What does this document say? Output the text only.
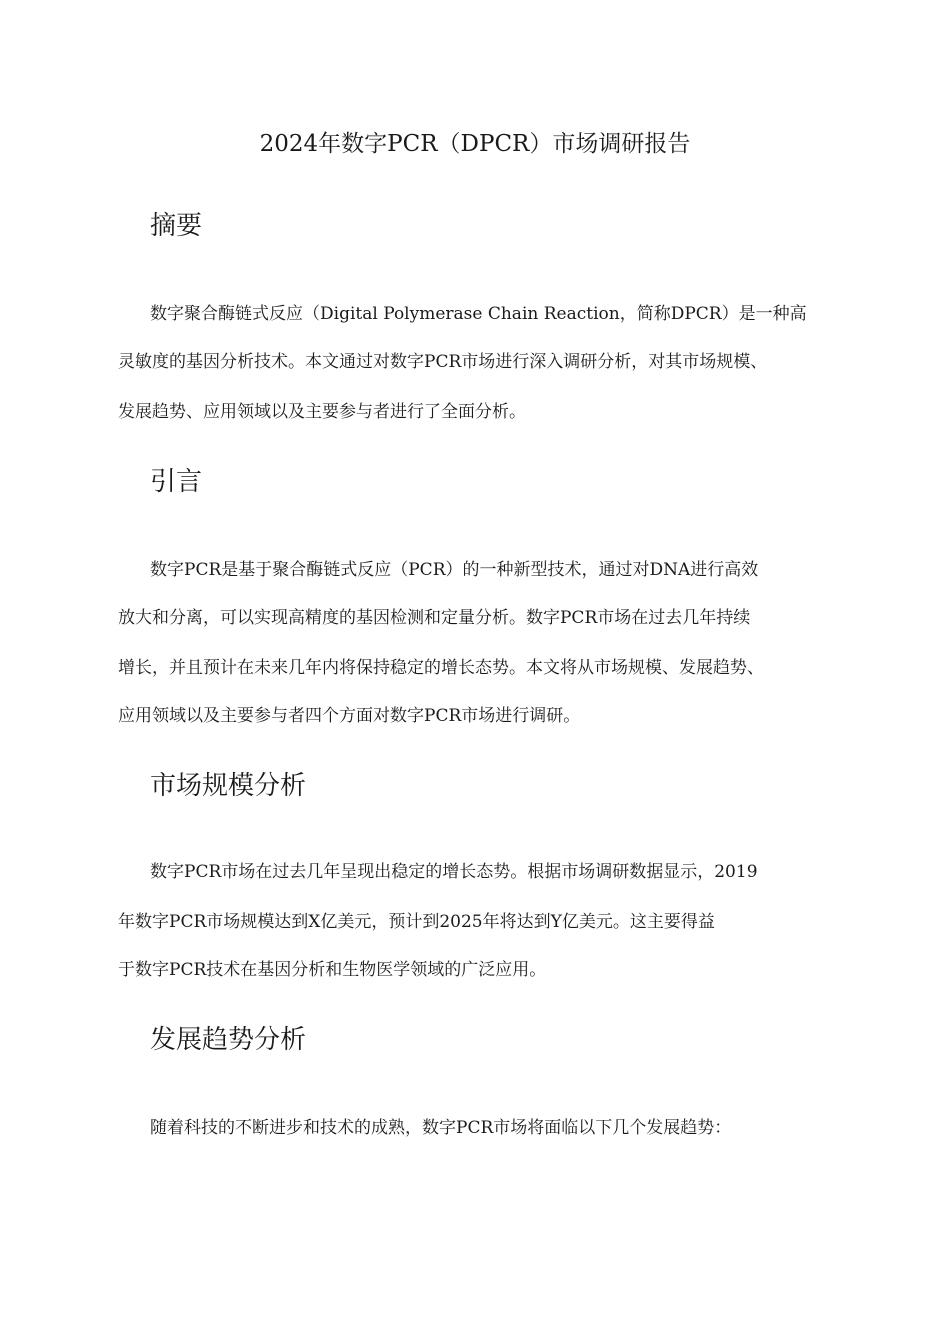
2024年数字PCR（DPCR）市场调研报告
摘要
数字聚合酶链式反应（Digital Polymerase Chain Reaction，简称DPCR）是一种高
灵敏度的基因分析技术。本文通过对数字PCR市场进行深入调研分析，对其市场规模、
发展趋势、应用领域以及主要参与者进行了全面分析。
引言
数字PCR是基于聚合酶链式反应（PCR）的一种新型技术，通过对DNA进行高效
放大和分离，可以实现高精度的基因检测和定量分析。数字PCR市场在过去几年持续
增长，并且预计在未来几年内将保持稳定的增长态势。本文将从市场规模、发展趋势、
应用领域以及主要参与者四个方面对数字PCR市场进行调研。
市场规模分析
数字PCR市场在过去几年呈现出稳定的增长态势。根据市场调研数据显示，2019
年数字PCR市场规模达到X亿美元，预计到2025年将达到Y亿美元。这主要得益
于数字PCR技术在基因分析和生物医学领域的广泛应用。
发展趋势分析
随着科技的不断进步和技术的成熟，数字PCR市场将面临以下几个发展趋势：
